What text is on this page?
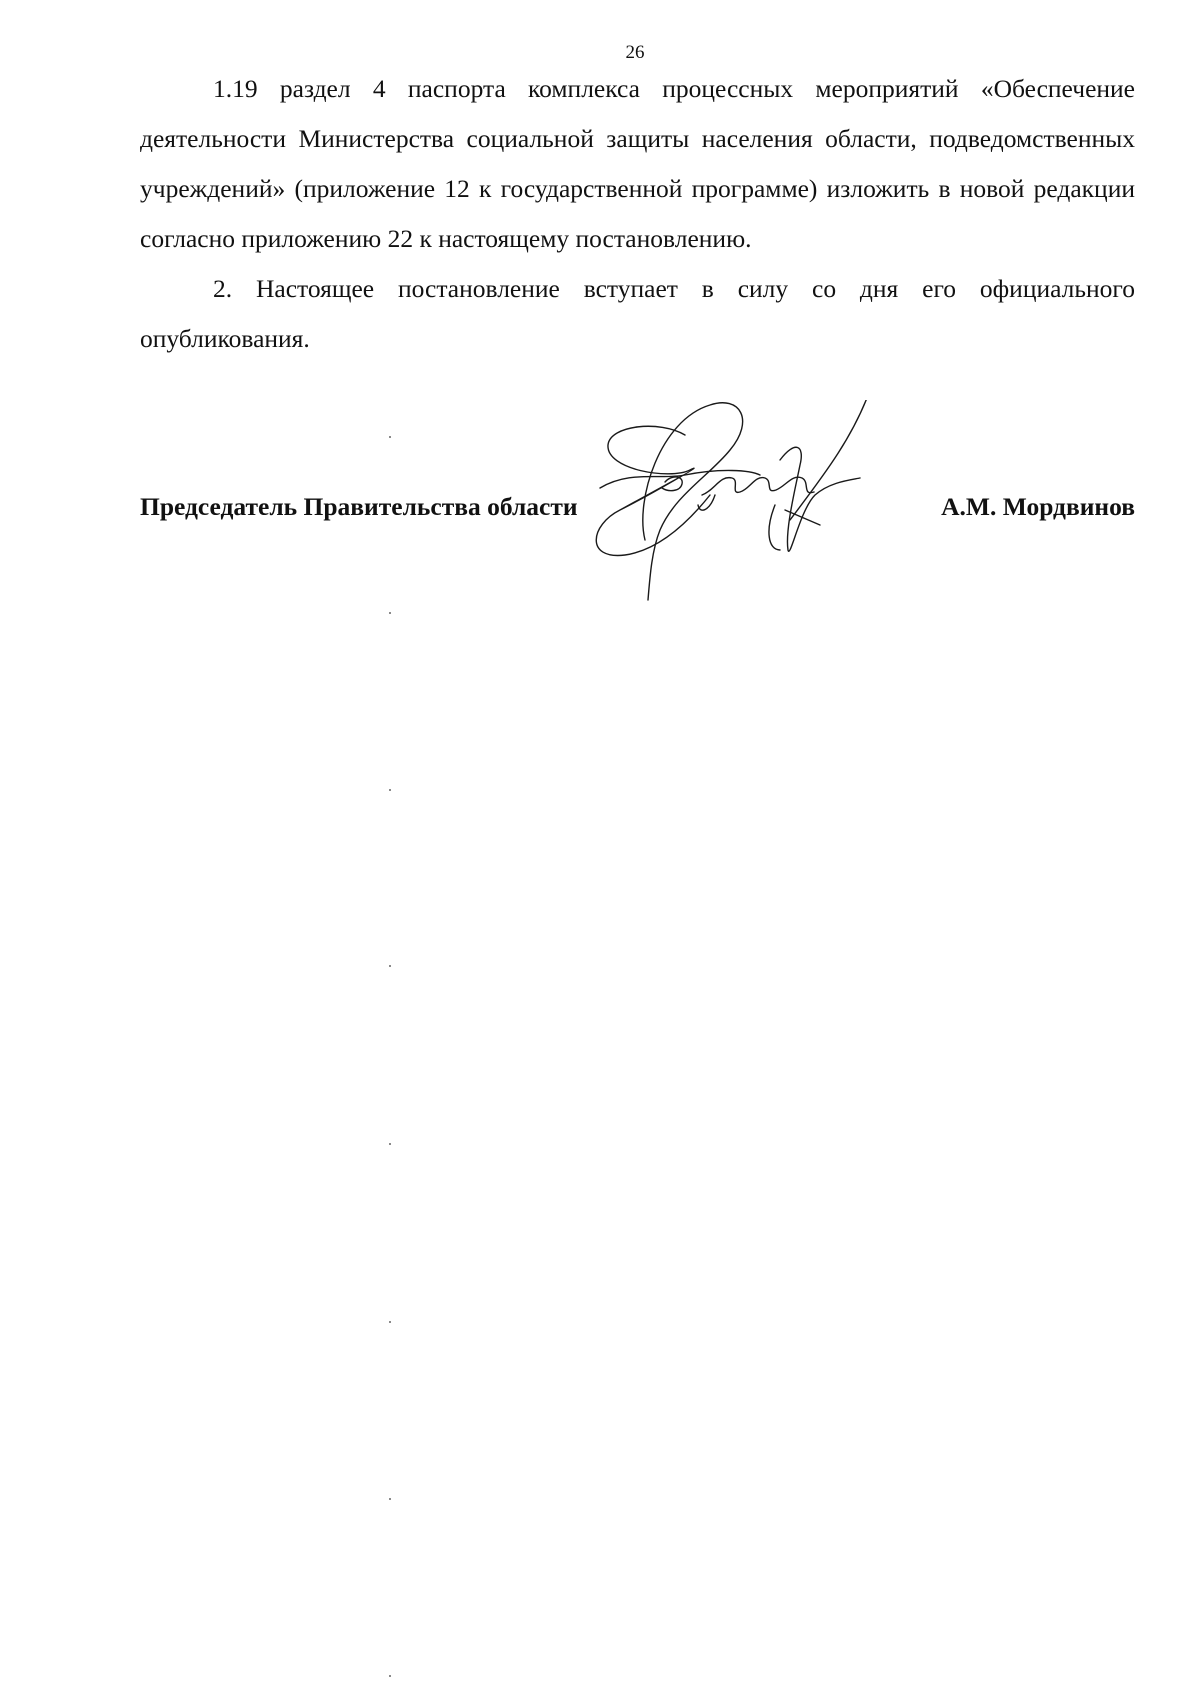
26

1.19 раздел 4 паспорта комплекса процессных мероприятий «Обеспечение деятельности Министерства социальной защиты населения области, подведомственных учреждений» (приложение 12 к государственной программе) изложить в новой редакции согласно приложению 22 к настоящему постановлению.

2. Настоящее постановление вступает в силу со дня его официального опубликования.

Председатель Правительства области	А.М. Мордвинов
